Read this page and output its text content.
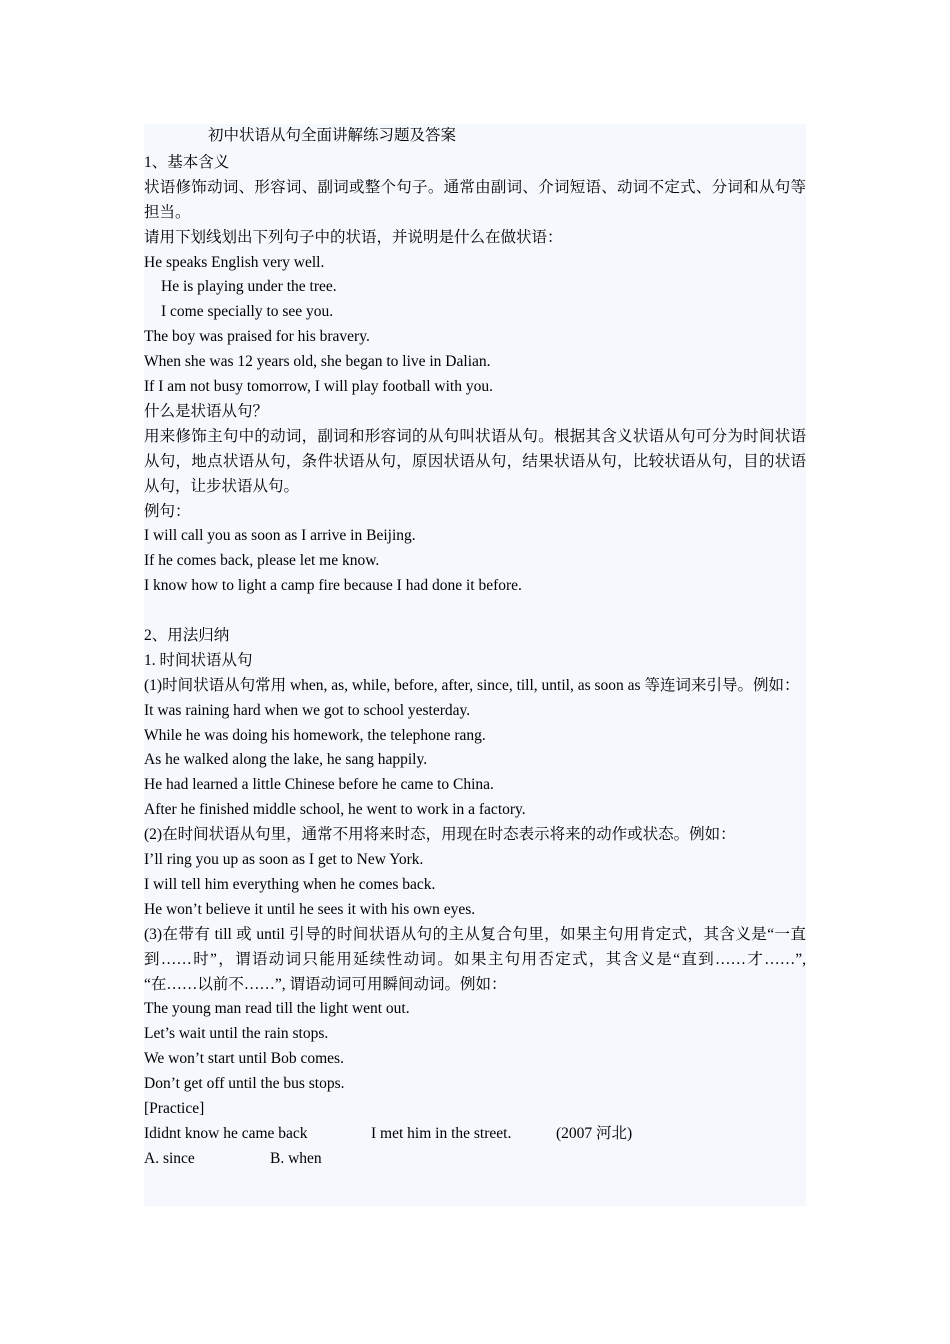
初中状语从句全面讲解练习题及答案
1、基本含义
状语修饰动词、形容词、副词或整个句子。通常由副词、介词短语、动词不定式、分词和从句等担当。
请用下划线划出下列句子中的状语，并说明是什么在做状语：
He speaks English very well.
He is playing under the tree.
I come specially to see you.
The boy was praised for his bravery.
When she was 12 years old, she began to live in Dalian.
If I am not busy tomorrow, I will play football with you.
什么是状语从句？
用来修饰主句中的动词，副词和形容词的从句叫状语从句。根据其含义状语从句可分为时间状语从句，地点状语从句，条件状语从句，原因状语从句，结果状语从句，比较状语从句，目的状语从句，让步状语从句。
例句：
I will call you as soon as I arrive in Beijing.
If he comes back, please let me know.
I know how to light a camp fire because I had done it before.
2、用法归纳
1. 时间状语从句
(1)时间状语从句常用 when, as, while, before, after, since, till, until, as soon as 等连词来引导。例如：
It was raining hard when we got to school yesterday.
While he was doing his homework, the telephone rang.
As he walked along the lake, he sang happily.
He had learned a little Chinese before he came to China.
After he finished middle school, he went to work in a factory.
(2)在时间状语从句里，通常不用将来时态，用现在时态表示将来的动作或状态。例如：
I’ll ring you up as soon as I get to New York.
I will tell him everything when he comes back.
He won’t believe it until he sees it with his own eyes.
(3)在带有 till 或 until 引导的时间状语从句的主从复合句里，如果主句用肯定式，其含义是“一直到……时”，谓语动词只能用延续性动词。如果主句用否定式，其含义是“直到……才……”, “在……以前不……”, 谓语动词可用瞬间动词。例如：
The young man read till the light went out.
Let’s wait until the rain stops.
We won’t start until Bob comes.
Don’t get off until the bus stops.
[Practice]
Ididnt know he came back	I met him in the street.	(2007 河北)
A. since	B. when
